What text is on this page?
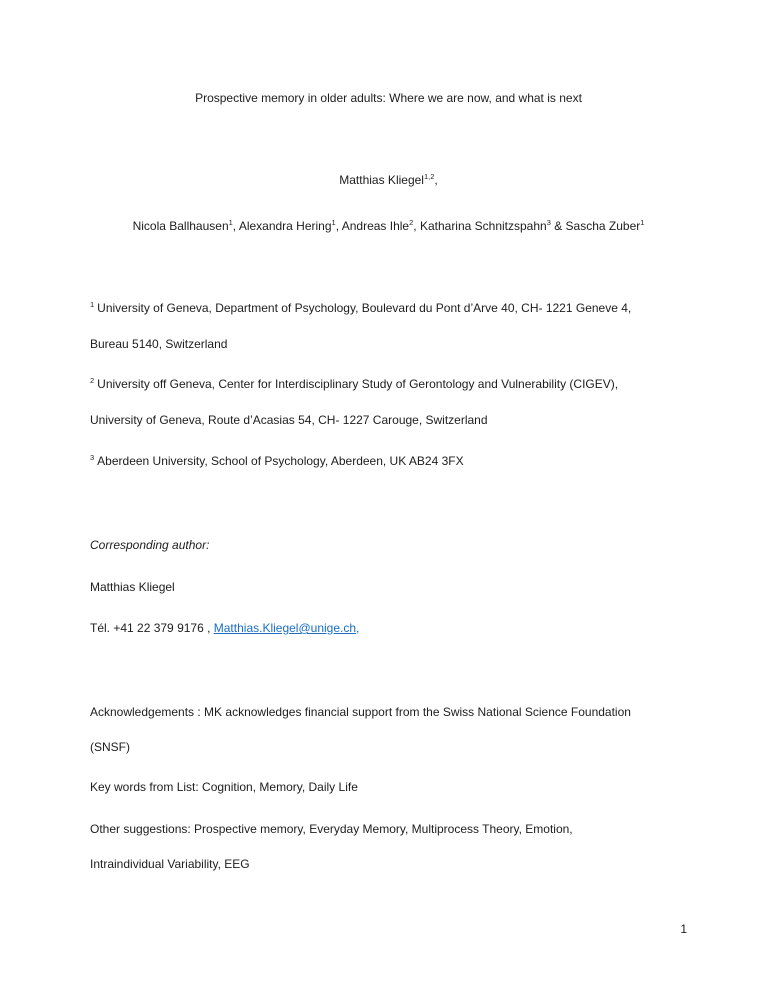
Prospective memory in older adults: Where we are now, and what is next
Matthias Kliegel$^{1,2}$,
Nicola Ballhausen$^1$, Alexandra Hering$^1$, Andreas Ihle$^2$, Katharina Schnitzspahn$^3$ & Sascha Zuber$^1$
$^1$ University of Geneva, Department of Psychology, Boulevard du Pont d’Arve 40, CH- 1221 Geneve 4,
Bureau 5140, Switzerland
$^2$ University off Geneva, Center for Interdisciplinary Study of Gerontology and Vulnerability (CIGEV),
University of Geneva, Route d’Acasias 54, CH- 1227 Carouge, Switzerland
$^3$ Aberdeen University, School of Psychology, Aberdeen, UK AB24 3FX
Corresponding author:
Matthias Kliegel
Tél. +41 22 379 9176 , Matthias.Kliegel@unige.ch,
Acknowledgements : MK acknowledges financial support from the Swiss National Science Foundation
(SNSF)
Key words from List: Cognition, Memory, Daily Life
Other suggestions: Prospective memory, Everyday Memory, Multiprocess Theory, Emotion,
Intraindividual Variability, EEG
1
